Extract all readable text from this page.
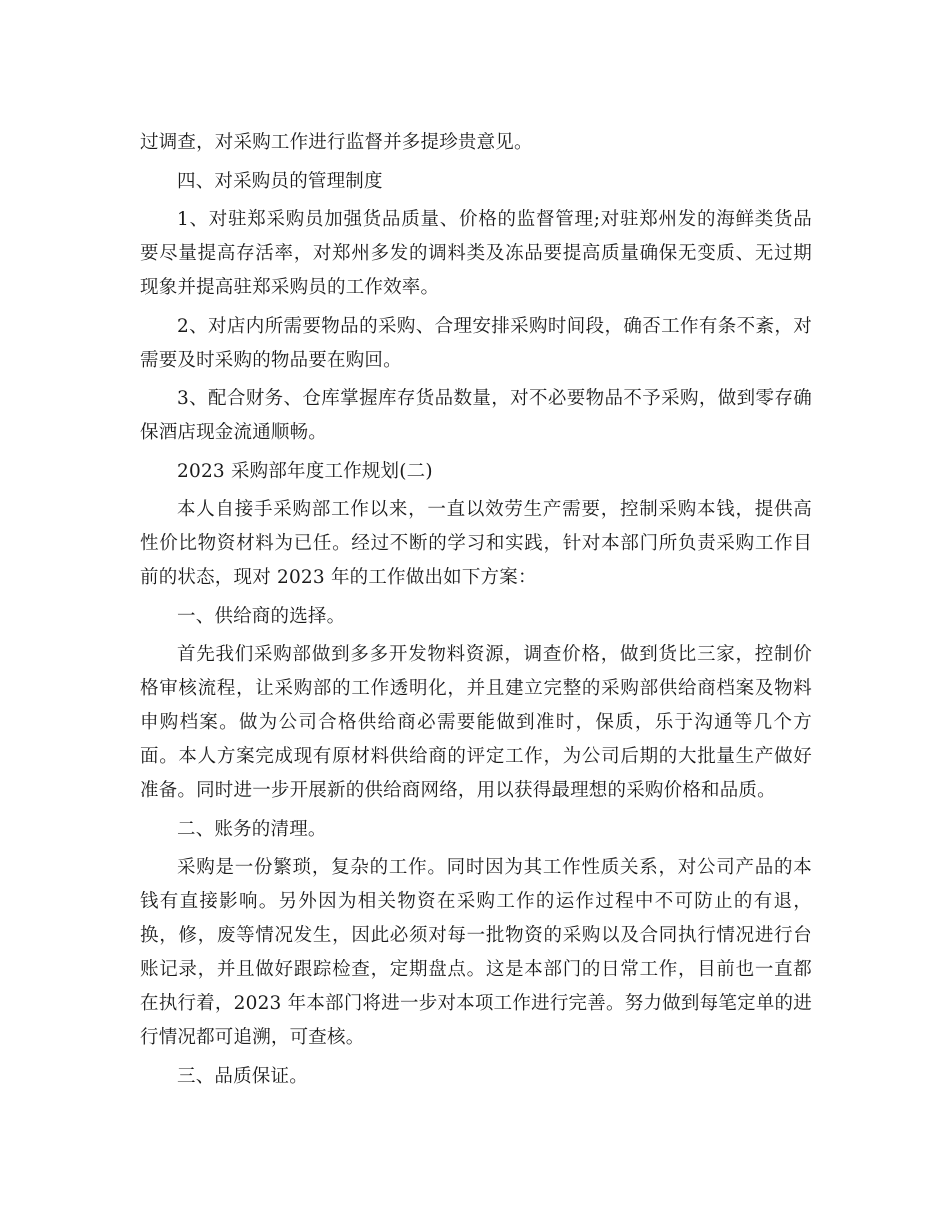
过调查，对采购工作进行监督并多提珍贵意见。

四、对采购员的管理制度

1、对驻郑采购员加强货品质量、价格的监督管理;对驻郑州发的海鲜类货品要尽量提高存活率，对郑州多发的调料类及冻品要提高质量确保无变质、无过期现象并提高驻郑采购员的工作效率。

2、对店内所需要物品的采购、合理安排采购时间段，确否工作有条不紊，对需要及时采购的物品要在购回。

3、配合财务、仓库掌握库存货品数量，对不必要物品不予采购，做到零存确保酒店现金流通顺畅。

2023 采购部年度工作规划(二)

本人自接手采购部工作以来，一直以效劳生产需要，控制采购本钱，提供高性价比物资材料为已任。经过不断的学习和实践，针对本部门所负责采购工作目前的状态，现对 2023 年的工作做出如下方案：

一、供给商的选择。

首先我们采购部做到多多开发物料资源，调查价格，做到货比三家，控制价格审核流程，让采购部的工作透明化，并且建立完整的采购部供给商档案及物料申购档案。做为公司合格供给商必需要能做到准时，保质，乐于沟通等几个方面。本人方案完成现有原材料供给商的评定工作，为公司后期的大批量生产做好准备。同时进一步开展新的供给商网络，用以获得最理想的采购价格和品质。

二、账务的清理。

采购是一份繁琐，复杂的工作。同时因为其工作性质关系，对公司产品的本钱有直接影响。另外因为相关物资在采购工作的运作过程中不可防止的有退，换，修，废等情况发生，因此必须对每一批物资的采购以及合同执行情况进行台账记录，并且做好跟踪检查，定期盘点。这是本部门的日常工作，目前也一直都在执行着，2023 年本部门将进一步对本项工作进行完善。努力做到每笔定单的进行情况都可追溯，可查核。

三、品质保证。
